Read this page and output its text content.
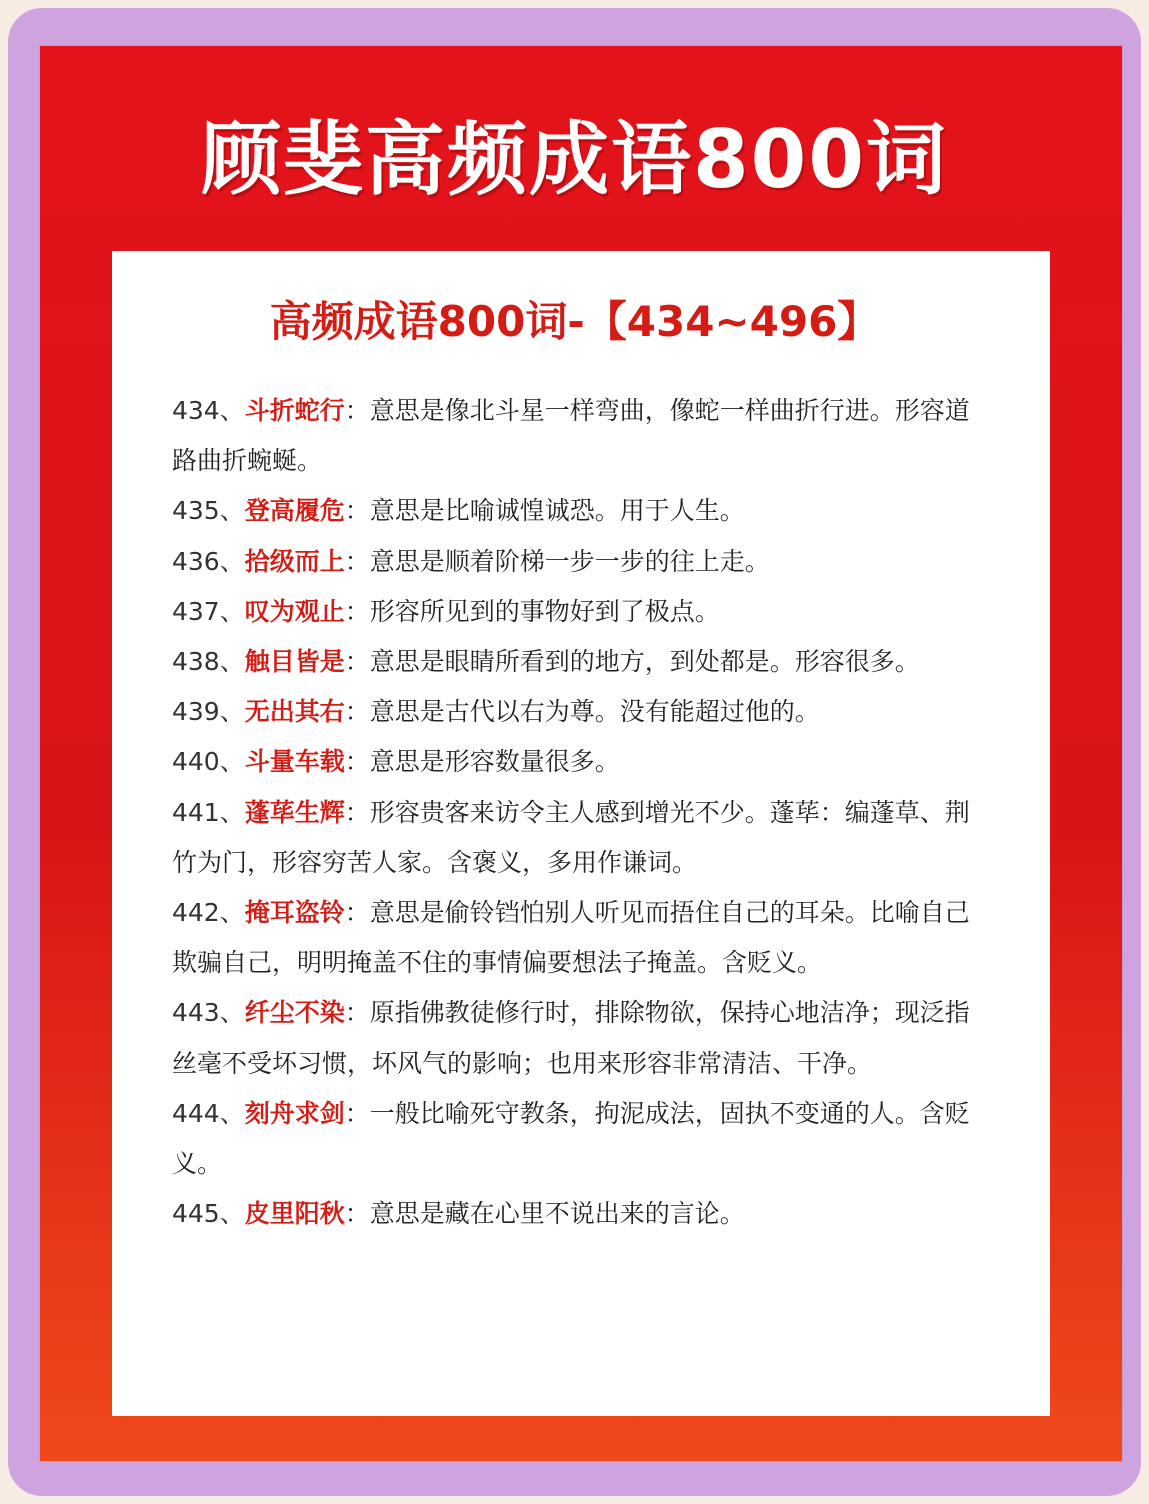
顾斐高频成语800词
高频成语800词-【434~496】
434、斗折蛇行：意思是像北斗星一样弯曲，像蛇一样曲折行进。形容道路曲折蜿蜒。
435、登高履危：意思是比喻诚惶诚恐。用于人生。
436、拾级而上：意思是顺着阶梯一步一步的往上走。
437、叹为观止：形容所见到的事物好到了极点。
438、触目皆是：意思是眼睛所看到的地方，到处都是。形容很多。
439、无出其右：意思是古代以右为尊。没有能超过他的。
440、斗量车载：意思是形容数量很多。
441、蓬荜生辉：形容贵客来访令主人感到增光不少。蓬荜：编蓬草、荆竹为门，形容穷苦人家。含褒义，多用作谦词。
442、掩耳盗铃：意思是偷铃铛怕别人听见而捂住自己的耳朵。比喻自己欺骗自己，明明掩盖不住的事情偏要想法子掩盖。含贬义。
443、纤尘不染：原指佛教徒修行时，排除物欲，保持心地洁净；现泛指丝毫不受坏习惯，坏风气的影响；也用来形容非常清洁、干净。
444、刻舟求剑：一般比喻死守教条，拘泥成法，固执不变通的人。含贬义。
445、皮里阳秋：意思是藏在心里不说出来的言论。
